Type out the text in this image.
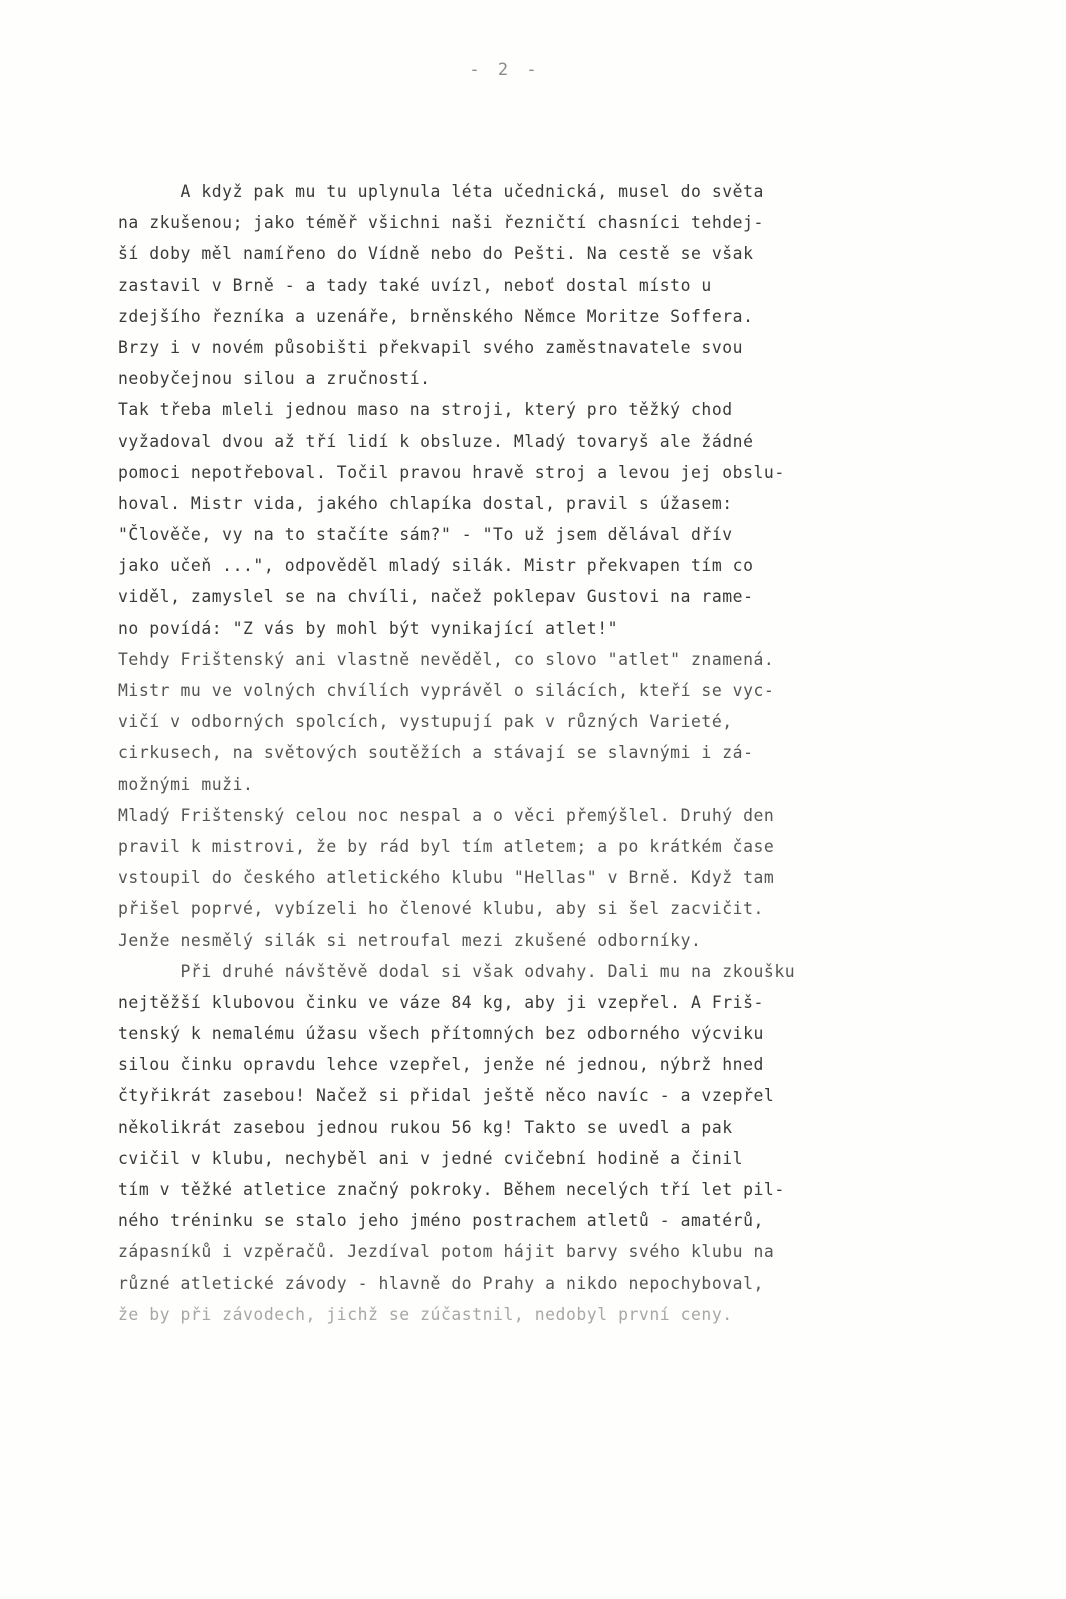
- 2 -
A když pak mu tu uplynula léta učednická, musel do světa
na zkušenou; jako téměř všichni naši řezničtí chasníci tehdej-
ší doby měl namířeno do Vídně nebo do Pešti. Na cestě se však
zastavil v Brně - a tady také uvízl, neboť dostal místo u
zdejšího řezníka a uzenáře, brněnského Němce Moritze Soffera.
Brzy i v novém působišti překvapil svého zaměstnavatele svou
neobyčejnou silou a zručností.
Tak třeba mleli jednou maso na stroji, který pro těžký chod
vyžadoval dvou až tří lidí k obsluze. Mladý tovaryš ale žádné
pomoci nepotřeboval. Točil pravou hravě stroj a levou jej obslu-
hoval. Mistr vida, jakého chlapíka dostal, pravil s úžasem:
"Člověče, vy na to stačíte sám?" - "To už jsem dělával dřív
jako učeň ...", odpověděl mladý silák. Mistr překvapen tím co
viděl, zamyslel se na chvíli, načež poklepav Gustovi na rame-
no povídá: "Z vás by mohl být vynikající atlet!"
Tehdy Frištenský ani vlastně nevěděl, co slovo "atlet" znamená.
Mistr mu ve volných chvílích vyprávěl o silácích, kteří se vyc-
vičí v odborných spolcích, vystupují pak v různých Varieté,
cirkusech, na světových soutěžích a stávají se slavnými i zá-
možnými muži.
Mladý Frištenský celou noc nespal a o věci přemýšlel. Druhý den
pravil k mistrovi, že by rád byl tím atletem; a po krátkém čase
vstoupil do českého atletického klubu "Hellas" v Brně. Když tam
přišel poprvé, vybízeli ho členové klubu, aby si šel zacvičit.
Jenže nesmělý silák si netroufal mezi zkušené odborníky.
Při druhé návštěvě dodal si však odvahy. Dali mu na zkoušku
nejtěžší klubovou činku ve váze 84 kg, aby ji vzepřel. A Friš-
tenský k nemalému úžasu všech přítomných bez odborného výcviku
silou činku opravdu lehce vzepřel, jenže né jednou, nýbrž hned
čtyřikrát zasebou! Načež si přidal ještě něco navíc - a vzepřel
několikrát zasebou jednou rukou 56 kg! Takto se uvedl a pak
cvičil v klubu, nechyběl ani v jedné cvičební hodině a činil
tím v těžké atletice značný pokroky. Během necelých tří let pil-
ného tréninku se stalo jeho jméno postrachem atletů - amatérů,
zápasníků i vzpěračů. Jezdíval potom hájit barvy svého klubu na
různé atletické závody - hlavně do Prahy a nikdo nepochyboval,
že by při závodech, jichž se zúčastnil, nedobyl první ceny.
